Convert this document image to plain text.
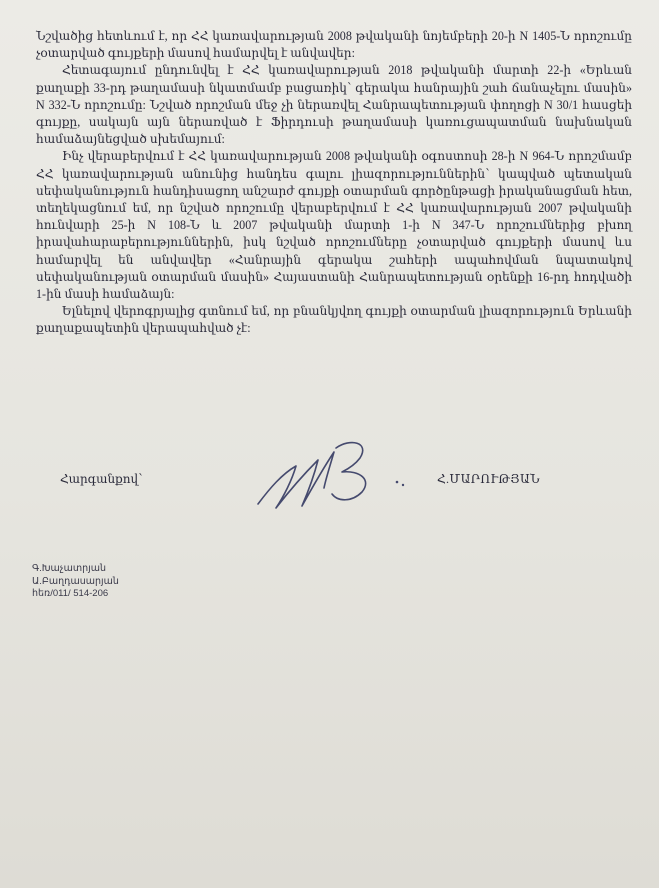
Նշվածից հետևում է, որ ՀՀ կառավարության 2008 թվականի նոյեմբերի 20-ի N 1405-Ն որոշումը չօտարված գույքերի մասով համարվել է անվավեր:

Հետագայում ընդունվել է ՀՀ կառավարության 2018 թվականի մարտի 22-ի «Երևան քաղաքի 33-րդ թաղամասի նկատմամբ բացառիկ՝ գերակա հանրային շահ ճանաչելու մասին» N 332-Ն որոշումը: Նշված որոշման մեջ չի ներառվել Հանրապետության փողոցի N 30/1 հասցեի գույքը, սակայն այն ներառված է Ֆիրդուսի թաղամասի կառուցապատման նախնական համաձայնեցված սխեմայում:

Ինչ վերաբերվում է ՀՀ կառավարության 2008 թվականի օգոստոսի 28-ի N 964-Ն որոշմամբ ՀՀ կառավարության անունից հանդես գալու լիազորություններին՝ կապված պետական սեփականություն հանդիսացող անշարժ գույքի օտարման գործընթացի իրականացման հետ, տեղեկացնում եմ, որ նշված որոշումը վերաբերվում է ՀՀ կառավարության 2007 թվականի հունվարի 25-ի N 108-Ն և 2007 թվականի մարտի 1-ի N 347-Ն որոշումներից բխող իրավահարաբերություններին, իսկ նշված որոշումները չօտարված գույքերի մասով ևս համարվել են անվավեր «Հանրային գերակա շահերի ապահովման նպատակով սեփականության օտարման մասին» Հայաստանի Հանրապետության օրենքի 16-րդ հոդվածի 1-ին մասի համաձայն:

Ելնելով վերոգրյալից գտնում եմ, որ բնանկյվող գույքի օտարման լիազորություն Երևանի քաղաքապետին վերապահված չէ:

Հարգանքով՝	Հ.ՄԱՐՈՒԹՅԱՆ
Գ.Խաչատրյան
Ա.Բաղդասարյան
հեռ/011/ 514-206
